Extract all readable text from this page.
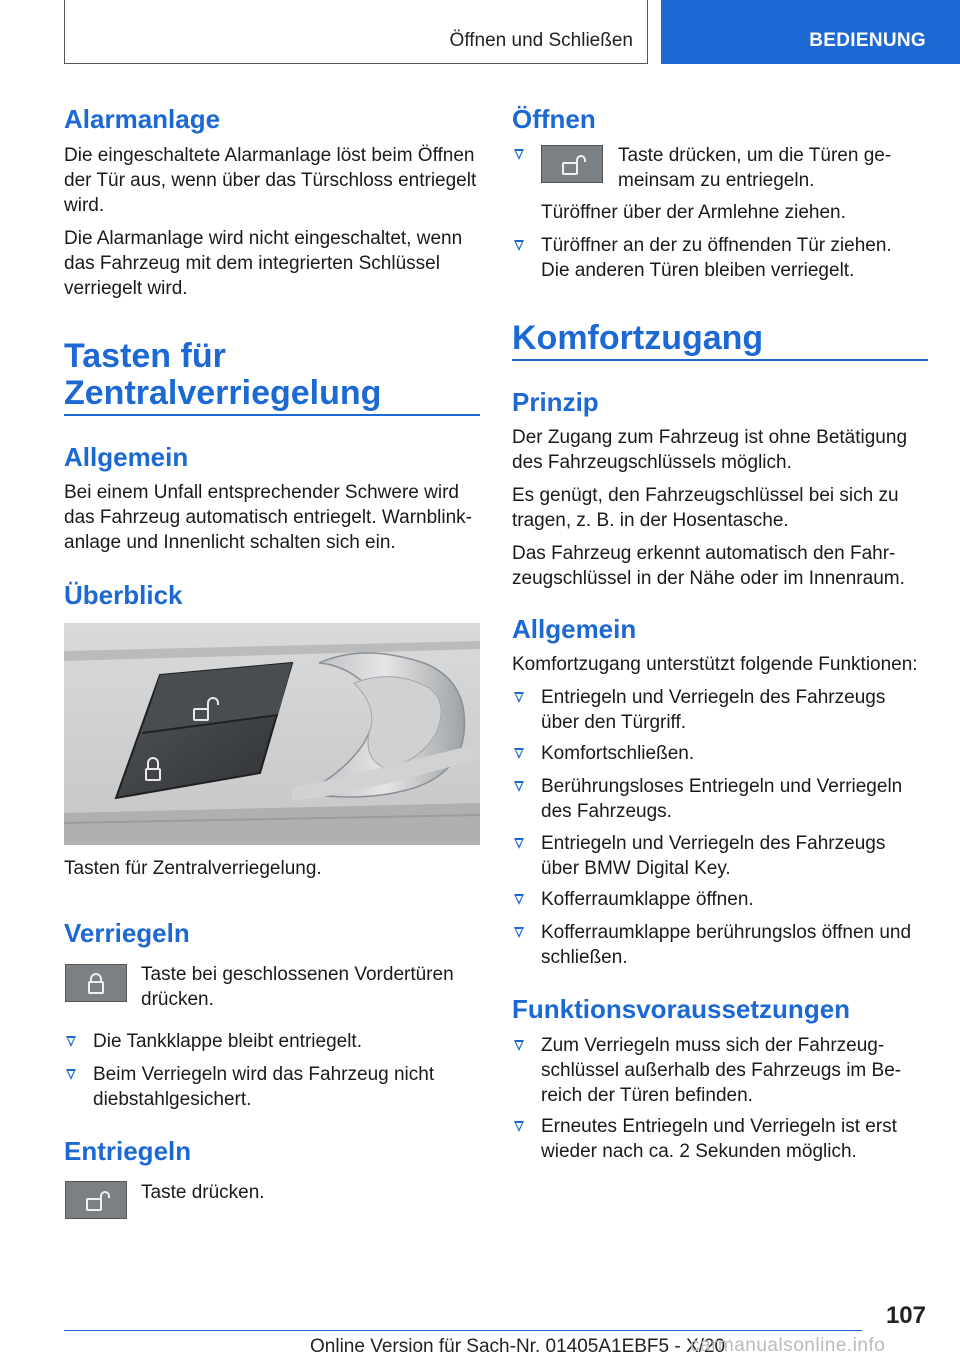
Öffnen und Schließen	BEDIENUNG
Alarmanlage

Die eingeschaltete Alarmanlage löst beim Öffnen
der Tür aus, wenn über das Türschloss entriegelt
wird.

Die Alarmanlage wird nicht eingeschaltet, wenn
das Fahrzeug mit dem integrierten Schlüssel
verriegelt wird.

Tasten für
Zentralverriegelung
Allgemein

Bei einem Unfall entsprechender Schwere wird
das Fahrzeug automatisch entriegelt. Warnblink-
anlage und Innenlicht schalten sich ein.

Überblick

Tasten für Zentralverriegelung.

Verriegeln

Taste bei geschlossenen Vordertüren
drücken.

Die Tankklappe bleibt entriegelt.
Beim Verriegeln wird das Fahrzeug nicht
diebstahlgesichert.
Entriegeln

Taste drücken.

Öffnen

Taste drücken, um die Türen ge-
meinsam zu entriegeln.

Türöffner über der Armlehne ziehen.

Türöffner an der zu öffnenden Tür ziehen.
Die anderen Türen bleiben verriegelt.
Komfortzugang
Prinzip

Der Zugang zum Fahrzeug ist ohne Betätigung
des Fahrzeugschlüssels möglich.

Es genügt, den Fahrzeugschlüssel bei sich zu
tragen, z. B. in der Hosentasche.

Das Fahrzeug erkennt automatisch den Fahr-
zeugschlüssel in der Nähe oder im Innenraum.

Allgemein

Komfortzugang unterstützt folgende Funktionen:

Entriegeln und Verriegeln des Fahrzeugs
über den Türgriff.
Komfortschließen.
Berührungsloses Entriegeln und Verriegeln
des Fahrzeugs.
Entriegeln und Verriegeln des Fahrzeugs
über BMW Digital Key.
Kofferraumklappe öffnen.
Kofferraumklappe berührungslos öffnen und
schließen.
Funktionsvoraussetzungen
Zum Verriegeln muss sich der Fahrzeug-
schlüssel außerhalb des Fahrzeugs im Be-
reich der Türen befinden.
Erneutes Entriegeln und Verriegeln ist erst
wieder nach ca. 2 Sekunden möglich.
107
Online Version für Sach-Nr. 01405A1EBF5 - X/20
carmanualsonline.info
